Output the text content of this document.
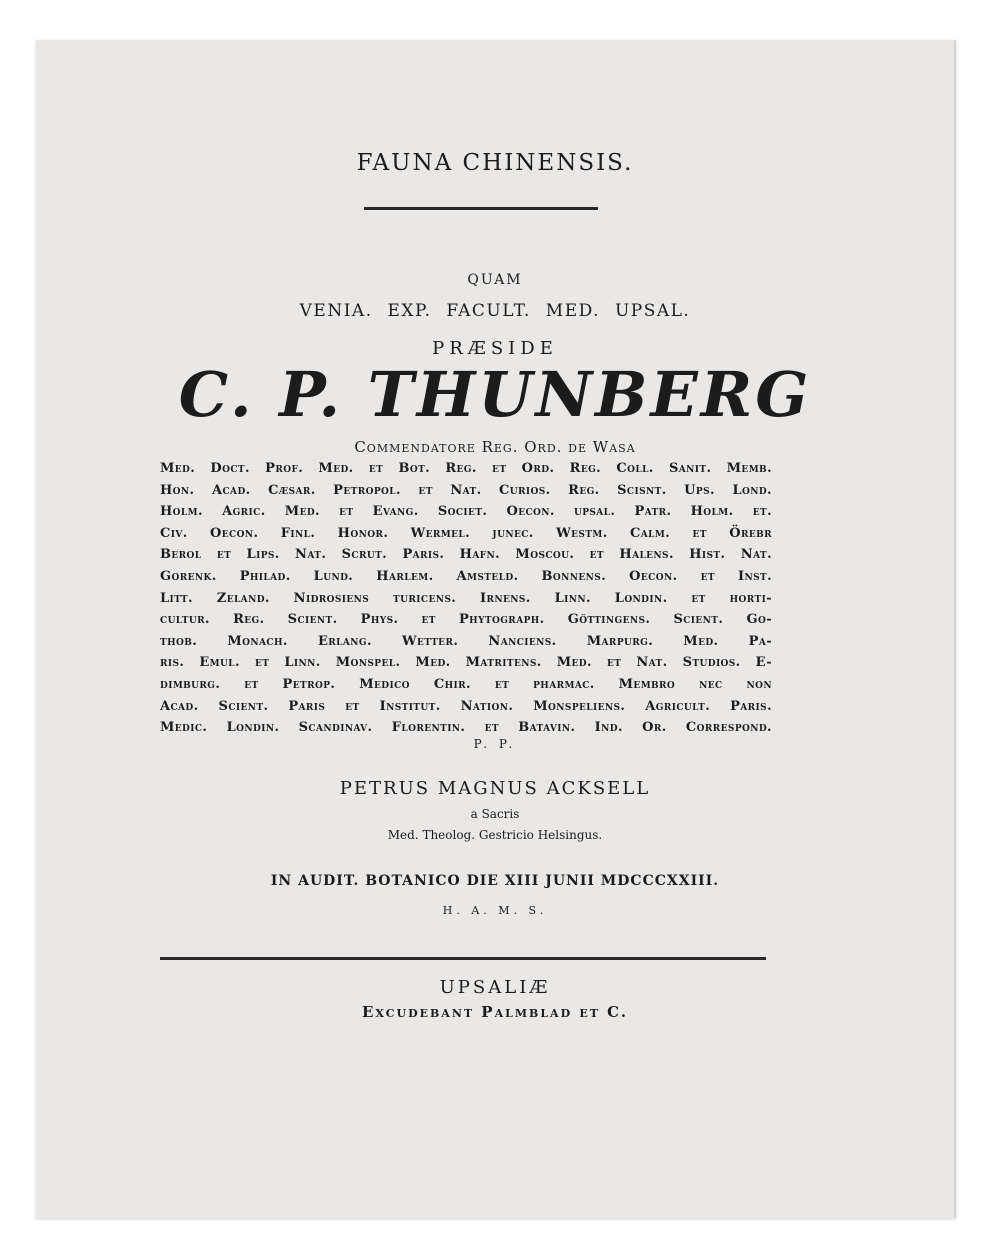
FAUNA CHINENSIS.
QUAM
VENIA. EXP. FACULT. MED. UPSAL.
PRÆSIDE
C. P. THUNBERG
Commendatore Reg. Ord. de Wasa

Med. Doct. Prof. Med. et Bot. Reg. et Ord. Reg. Coll. Sanit. Memb.

Hon. Acad. Cæsar. Petropol. et Nat. Curios. Reg. Scisnt. Ups. Lond.

Holm. Agric. Med. et Evang. Societ. Oecon. upsal. Patr. Holm. et.

Civ. Oecon. Finl. Honor. Wermel. junec. Westm. Calm. et Örebr

Berol et Lips. Nat. Scrut. Paris. Hafn. Moscou. et Halens. Hist. Nat.

Gorenk. Philad. Lund. Harlem. Amsteld. Bonnens. Oecon. et Inst.

Litt. Zeland. Nidrosiens turicens. Irnens. Linn. Londin. et horti-

cultur. Reg. Scient. Phys. et Phytograph. Göttingens. Scient. Go-

thob. Monach. Erlang. Wetter. Nanciens. Marpurg. Med. Pa-

ris. Emul. et Linn. Monspel. Med. Matritens. Med. et Nat. Studios. E-

dimburg. et Petrop. Medico Chir. et pharmac. Membro nec non

Acad. Scient. Paris et Institut. Nation. Monspeliens. Agricult. Paris.

Medic. Londin. Scandinav. Florentin. et Batavin. Ind. Or. Correspond.

P. P.
PETRUS MAGNUS ACKSELL
a Sacris
Med. Theolog. Gestricio Helsingus.
IN AUDIT. BOTANICO DIE XIII JUNII MDCCCXXIII.
H. A. M. S.
UPSALIÆ
Excudebant Palmblad et C.
